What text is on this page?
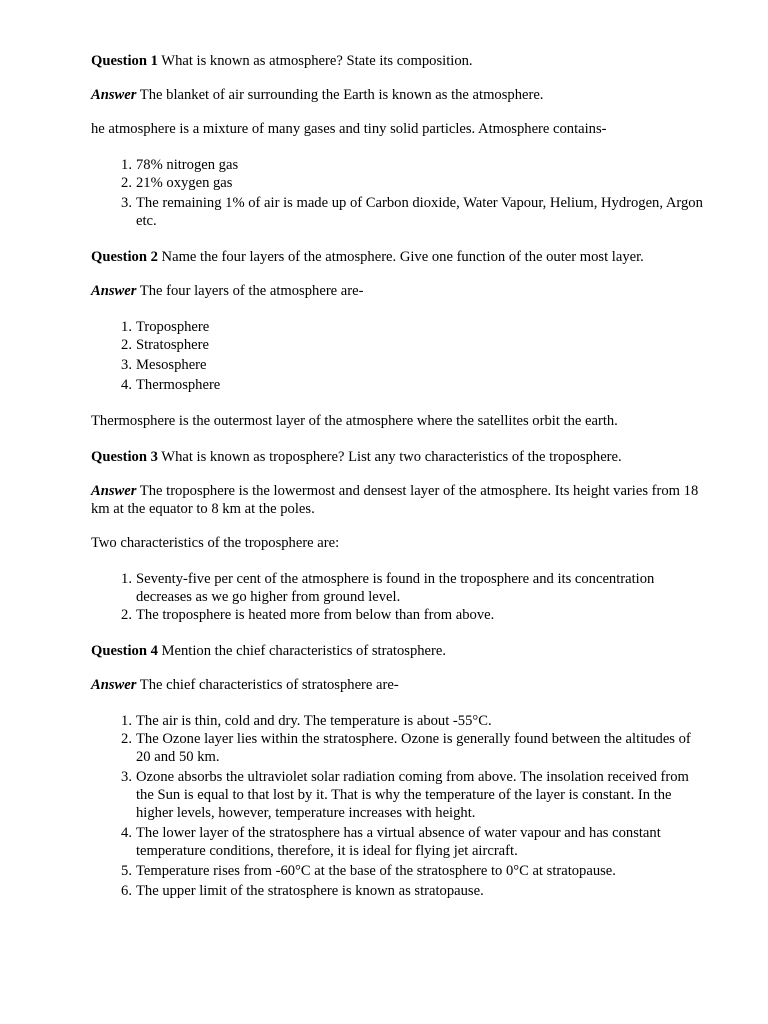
Question 1 What is known as atmosphere? State its composition.

Answer The blanket of air surrounding the Earth is known as the atmosphere.

he atmosphere is a mixture of many gases and tiny solid particles. Atmosphere contains-

1. 78% nitrogen gas
2. 21% oxygen gas
3. The remaining 1% of air is made up of Carbon dioxide, Water Vapour, Helium, Hydrogen, Argon etc.

Question 2 Name the four layers of the atmosphere. Give one function of the outer most layer.

Answer The four layers of the atmosphere are-

1. Troposphere
2. Stratosphere
3. Mesosphere
4. Thermosphere

Thermosphere is the outermost layer of the atmosphere where the satellites orbit the earth.

Question 3 What is known as troposphere? List any two characteristics of the troposphere.

Answer The troposphere is the lowermost and densest layer of the atmosphere. Its height varies from 18 km at the equator to 8 km at the poles.

Two characteristics of the troposphere are:

1. Seventy-five per cent of the atmosphere is found in the troposphere and its concentration decreases as we go higher from ground level.
2. The troposphere is heated more from below than from above.

Question 4 Mention the chief characteristics of stratosphere.

Answer The chief characteristics of stratosphere are-

1. The air is thin, cold and dry. The temperature is about -55°C.
2. The Ozone layer lies within the stratosphere. Ozone is generally found between the altitudes of 20 and 50 km.
3. Ozone absorbs the ultraviolet solar radiation coming from above. The insolation received from the Sun is equal to that lost by it. That is why the temperature of the layer is constant. In the higher levels, however, temperature increases with height.
4. The lower layer of the stratosphere has a virtual absence of water vapour and has constant temperature conditions, therefore, it is ideal for flying jet aircraft.
5. Temperature rises from -60°C at the base of the stratosphere to 0°C at stratopause.
6. The upper limit of the stratosphere is known as stratopause.
